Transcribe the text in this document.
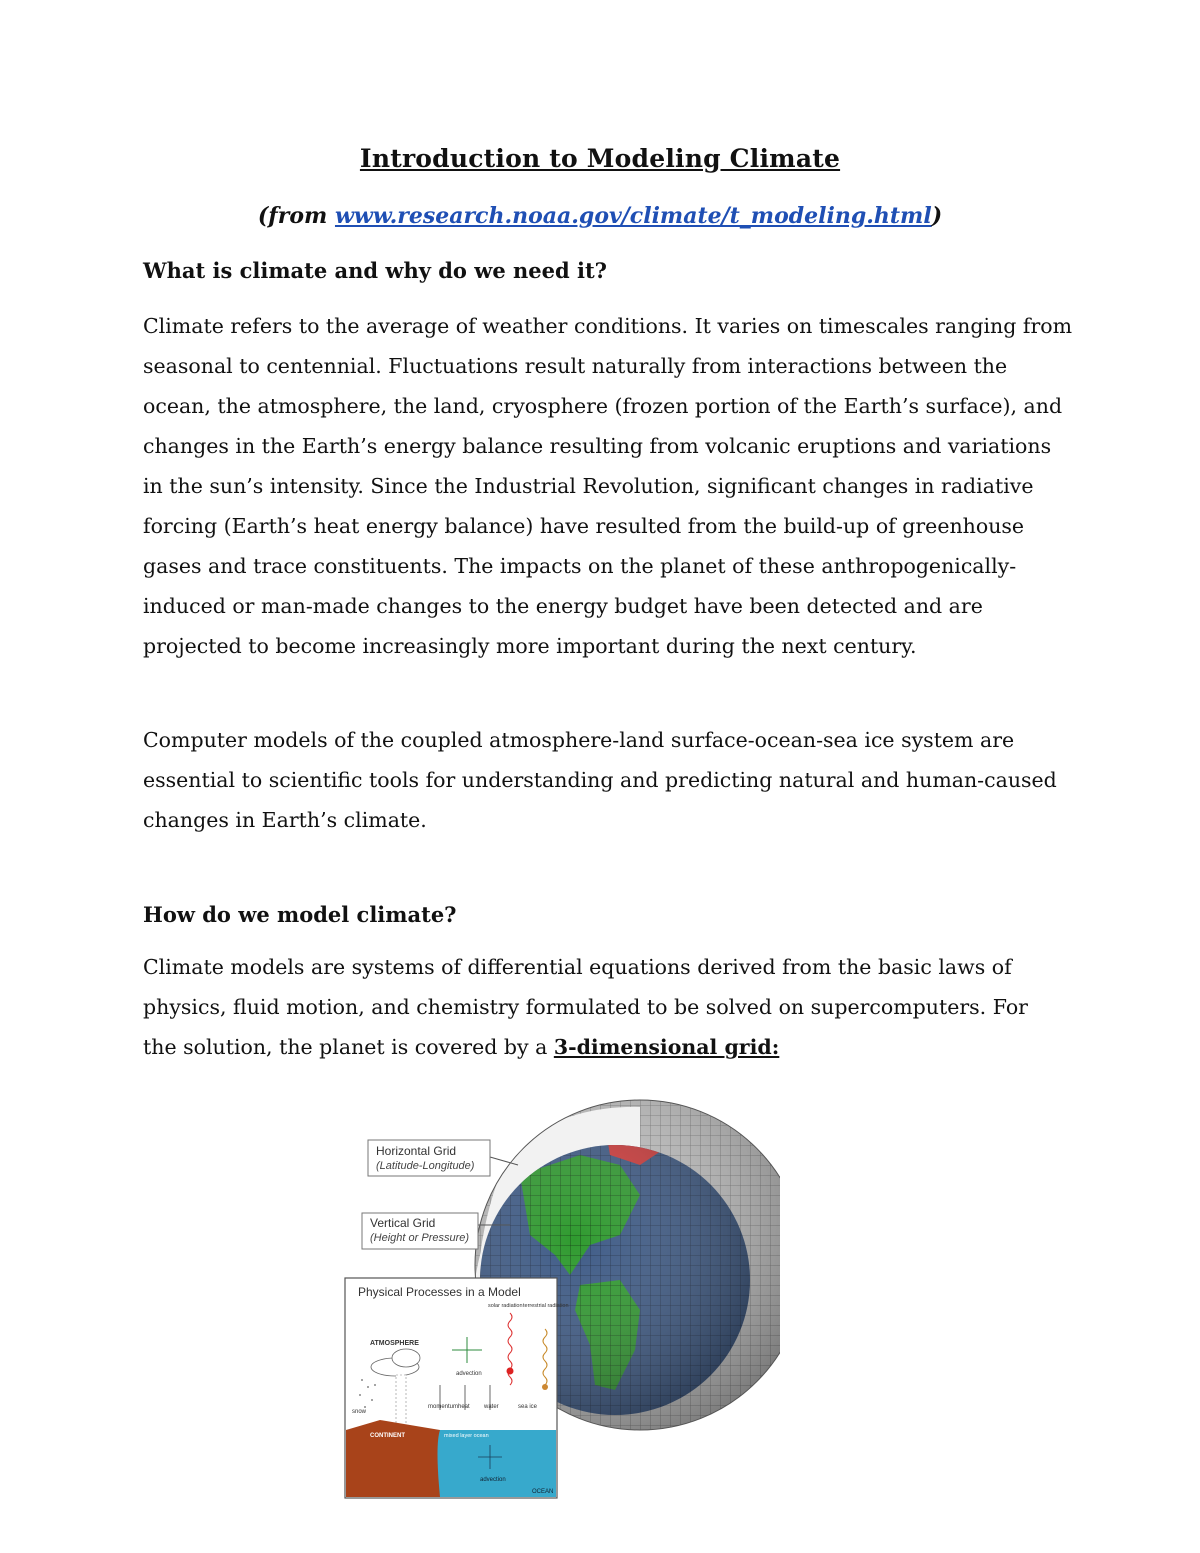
Introduction to Modeling Climate
(from www.research.noaa.gov/climate/t_modeling.html)
What is climate and why do we need it?

Climate refers to the average of weather conditions. It varies on timescales ranging from

seasonal to centennial. Fluctuations result naturally from interactions between the

ocean, the atmosphere, the land, cryosphere (frozen portion of the Earth’s surface), and

changes in the Earth’s energy balance resulting from volcanic eruptions and variations

in the sun’s intensity. Since the Industrial Revolution, significant changes in radiative

forcing (Earth’s heat energy balance) have resulted from the build-up of greenhouse

gases and trace constituents. The impacts on the planet of these anthropogenically-

induced or man-made changes to the energy budget have been detected and are

projected to become increasingly more important during the next century.

Computer models of the coupled atmosphere-land surface-ocean-sea ice system are

essential to scientific tools for understanding and predicting natural and human-caused

changes in Earth’s climate.

How do we model climate?

Climate models are systems of differential equations derived from the basic laws of

physics, fluid motion, and chemistry formulated to be solved on supercomputers. For

the solution, the planet is covered by a 3-dimensional grid:

Horizontal Grid
(Latitude-Longitude)
Vertical Grid
(Height or Pressure)
Physical Processes in a Model
ATMOSPHERE
snow
advection
solar radiation terrestrial radiation
momentum heat water	sea ice
CONTINENT	mixed layer ocean
advection
OCEAN
